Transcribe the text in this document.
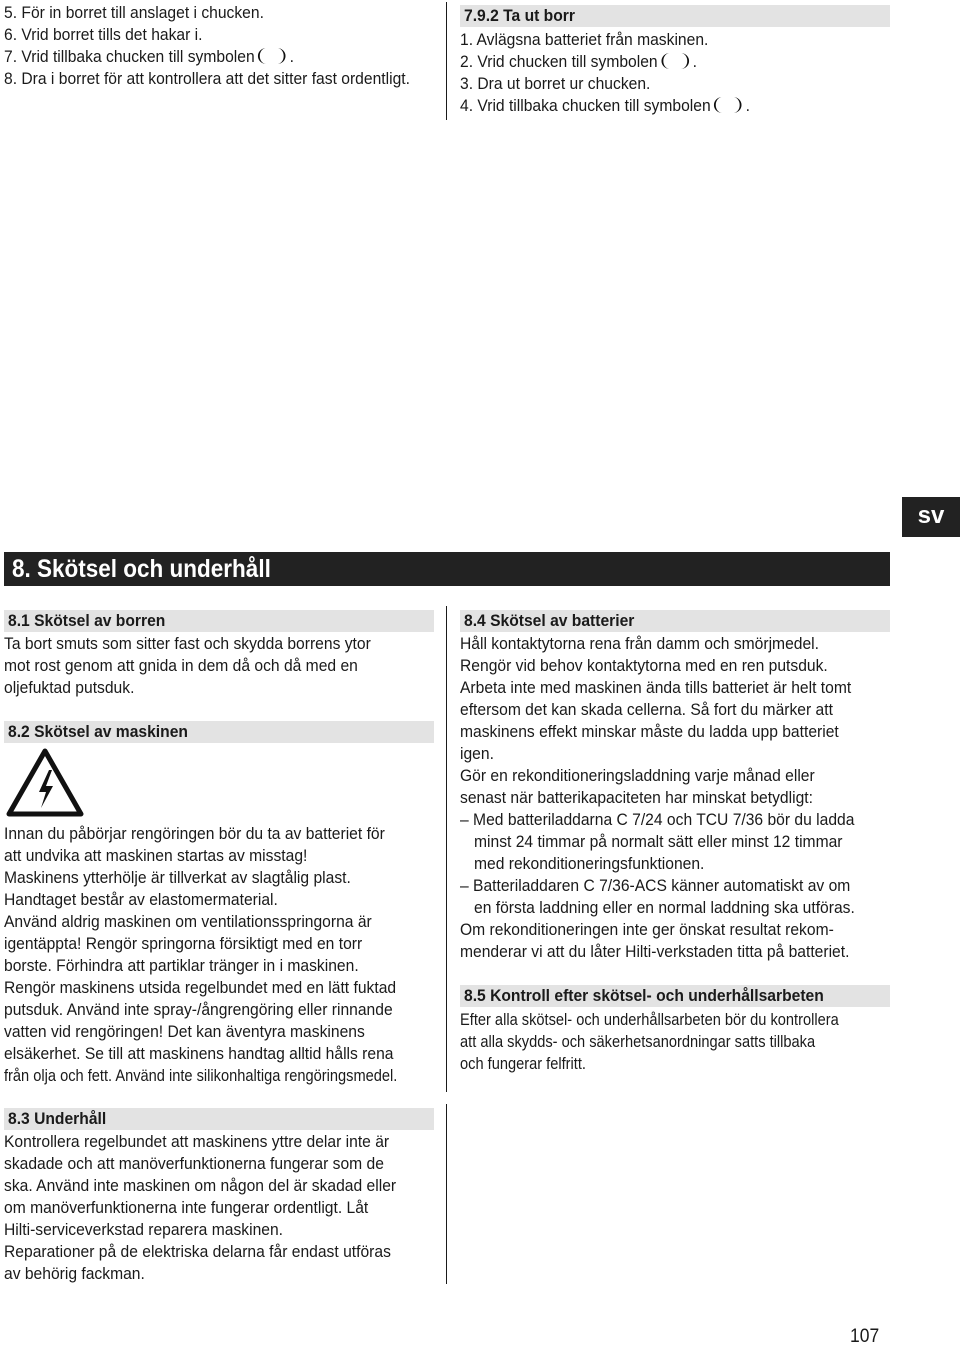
5. För in borret till anslaget i chucken.
6. Vrid borret tills det hakar i.
7. Vrid tillbaka chucken till symbolen .
8. Dra i borret för att kontrollera att det sitter fast ordentligt.
7.9.2 Ta ut borr
1. Avlägsna batteriet från maskinen.
2. Vrid chucken till symbolen .
3. Dra ut borret ur chucken.
4. Vrid tillbaka chucken till symbolen .
sv
8. Skötsel och underhåll
8.1 Skötsel av borren
Ta bort smuts som sitter fast och skydda borrens ytor
mot rost genom att gnida in dem då och då med en
oljefuktad putsduk.
8.2 Skötsel av maskinen
Innan du påbörjar rengöringen bör du ta av batteriet för
att undvika att maskinen startas av misstag!
Maskinens ytterhölje är tillverkat av slagtålig plast.
Handtaget består av elastomermaterial.
Använd aldrig maskinen om ventilationsspringorna är
igentäppta! Rengör springorna försiktigt med en torr
borste. Förhindra att partiklar tränger in i maskinen.
Rengör maskinens utsida regelbundet med en lätt fuktad
putsduk. Använd inte spray-/ångrengöring eller rinnande
vatten vid rengöringen! Det kan äventyra maskinens
elsäkerhet. Se till att maskinens handtag alltid hålls rena
från olja och fett. Använd inte silikonhaltiga rengöringsmedel.
8.3 Underhåll
Kontrollera regelbundet att maskinens yttre delar inte är
skadade och att manöverfunktionerna fungerar som de
ska. Använd inte maskinen om någon del är skadad eller
om manöverfunktionerna inte fungerar ordentligt. Låt
Hilti-serviceverkstad reparera maskinen.
Reparationer på de elektriska delarna får endast utföras
av behörig fackman.
8.4 Skötsel av batterier
Håll kontaktytorna rena från damm och smörjmedel.
Rengör vid behov kontaktytorna med en ren putsduk.
Arbeta inte med maskinen ända tills batteriet är helt tomt
eftersom det kan skada cellerna. Så fort du märker att
maskinens effekt minskar måste du ladda upp batteriet
igen.
Gör en rekonditioneringsladdning varje månad eller
senast när batterikapaciteten har minskat betydligt:
– Med batteriladdarna C 7/24 och TCU 7/36 bör du ladda
minst 24 timmar på normalt sätt eller minst 12 timmar
med rekonditioneringsfunktionen.
– Batteriladdaren C 7/36-ACS känner automatiskt av om
en första laddning eller en normal laddning ska utföras.
Om rekonditioneringen inte ger önskat resultat rekom-
menderar vi att du låter Hilti-verkstaden titta på batteriet.
8.5 Kontroll efter skötsel- och underhållsarbeten
Efter alla skötsel- och underhållsarbeten bör du kontrollera
att alla skydds- och säkerhetsanordningar satts tillbaka
och fungerar felfritt.
107
